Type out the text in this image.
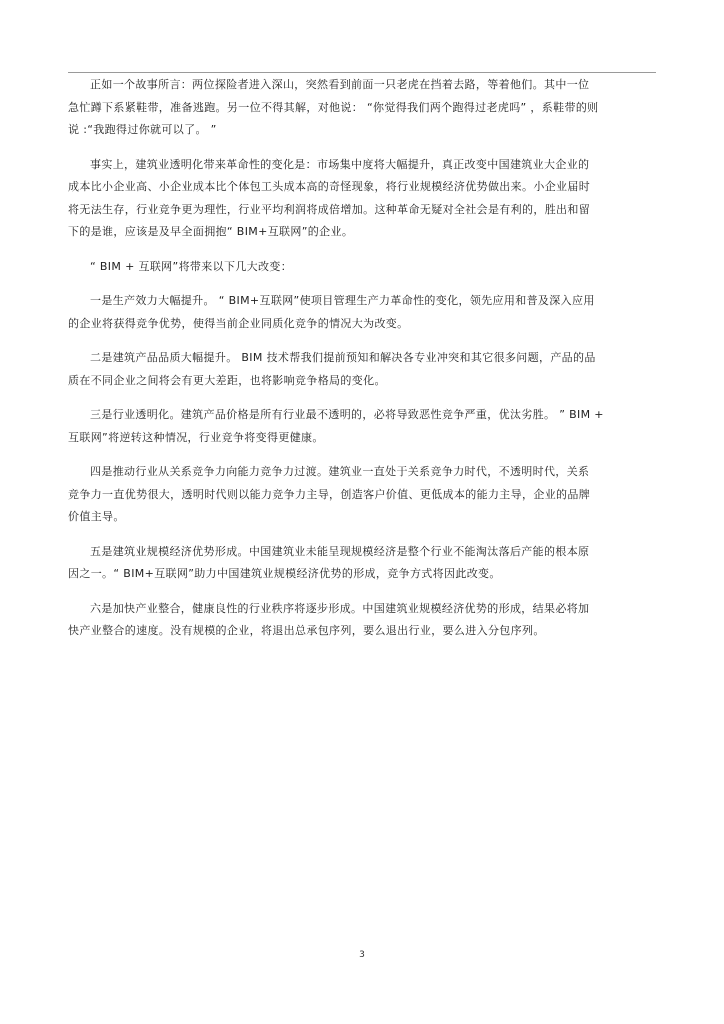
正如一个故事所言：两位探险者进入深山，突然看到前面一只老虎在挡着去路，等着他们。其中一位
急忙蹲下系紧鞋带，准备逃跑。另一位不得其解，对他说： “你觉得我们两个跑得过老虎吗” ，系鞋带的则
说 :“我跑得过你就可以了。 ”

事实上，建筑业透明化带来革命性的变化是：市场集中度将大幅提升，真正改变中国建筑业大企业的
成本比小企业高、小企业成本比个体包工头成本高的奇怪现象，将行业规模经济优势做出来。小企业届时
将无法生存，行业竞争更为理性，行业平均利润将成倍增加。这种革命无疑对全社会是有利的，胜出和留
下的是谁，应该是及早全面拥抱“ BIM+互联网”的企业。

“ BIM + 互联网”将带来以下几大改变：

一是生产效力大幅提升。 “ BIM+互联网”使项目管理生产力革命性的变化，领先应用和普及深入应用
的企业将获得竞争优势，使得当前企业同质化竞争的情况大为改变。

二是建筑产品品质大幅提升。 BIM 技术帮我们提前预知和解决各专业冲突和其它很多问题，产品的品
质在不同企业之间将会有更大差距，也将影响竞争格局的变化。

三是行业透明化。建筑产品价格是所有行业最不透明的，必将导致恶性竞争严重，优汰劣胜。 ” BIM +
互联网”将逆转这种情况，行业竞争将变得更健康。

四是推动行业从关系竞争力向能力竞争力过渡。建筑业一直处于关系竞争力时代，不透明时代，关系
竞争力一直优势很大，透明时代则以能力竞争力主导，创造客户价值、更低成本的能力主导，企业的品牌
价值主导。

五是建筑业规模经济优势形成。中国建筑业未能呈现规模经济是整个行业不能淘汰落后产能的根本原
因之一。“ BIM+互联网”助力中国建筑业规模经济优势的形成，竞争方式将因此改变。

六是加快产业整合，健康良性的行业秩序将逐步形成。中国建筑业规模经济优势的形成，结果必将加
快产业整合的速度。没有规模的企业，将退出总承包序列，要么退出行业，要么进入分包序列。

3
